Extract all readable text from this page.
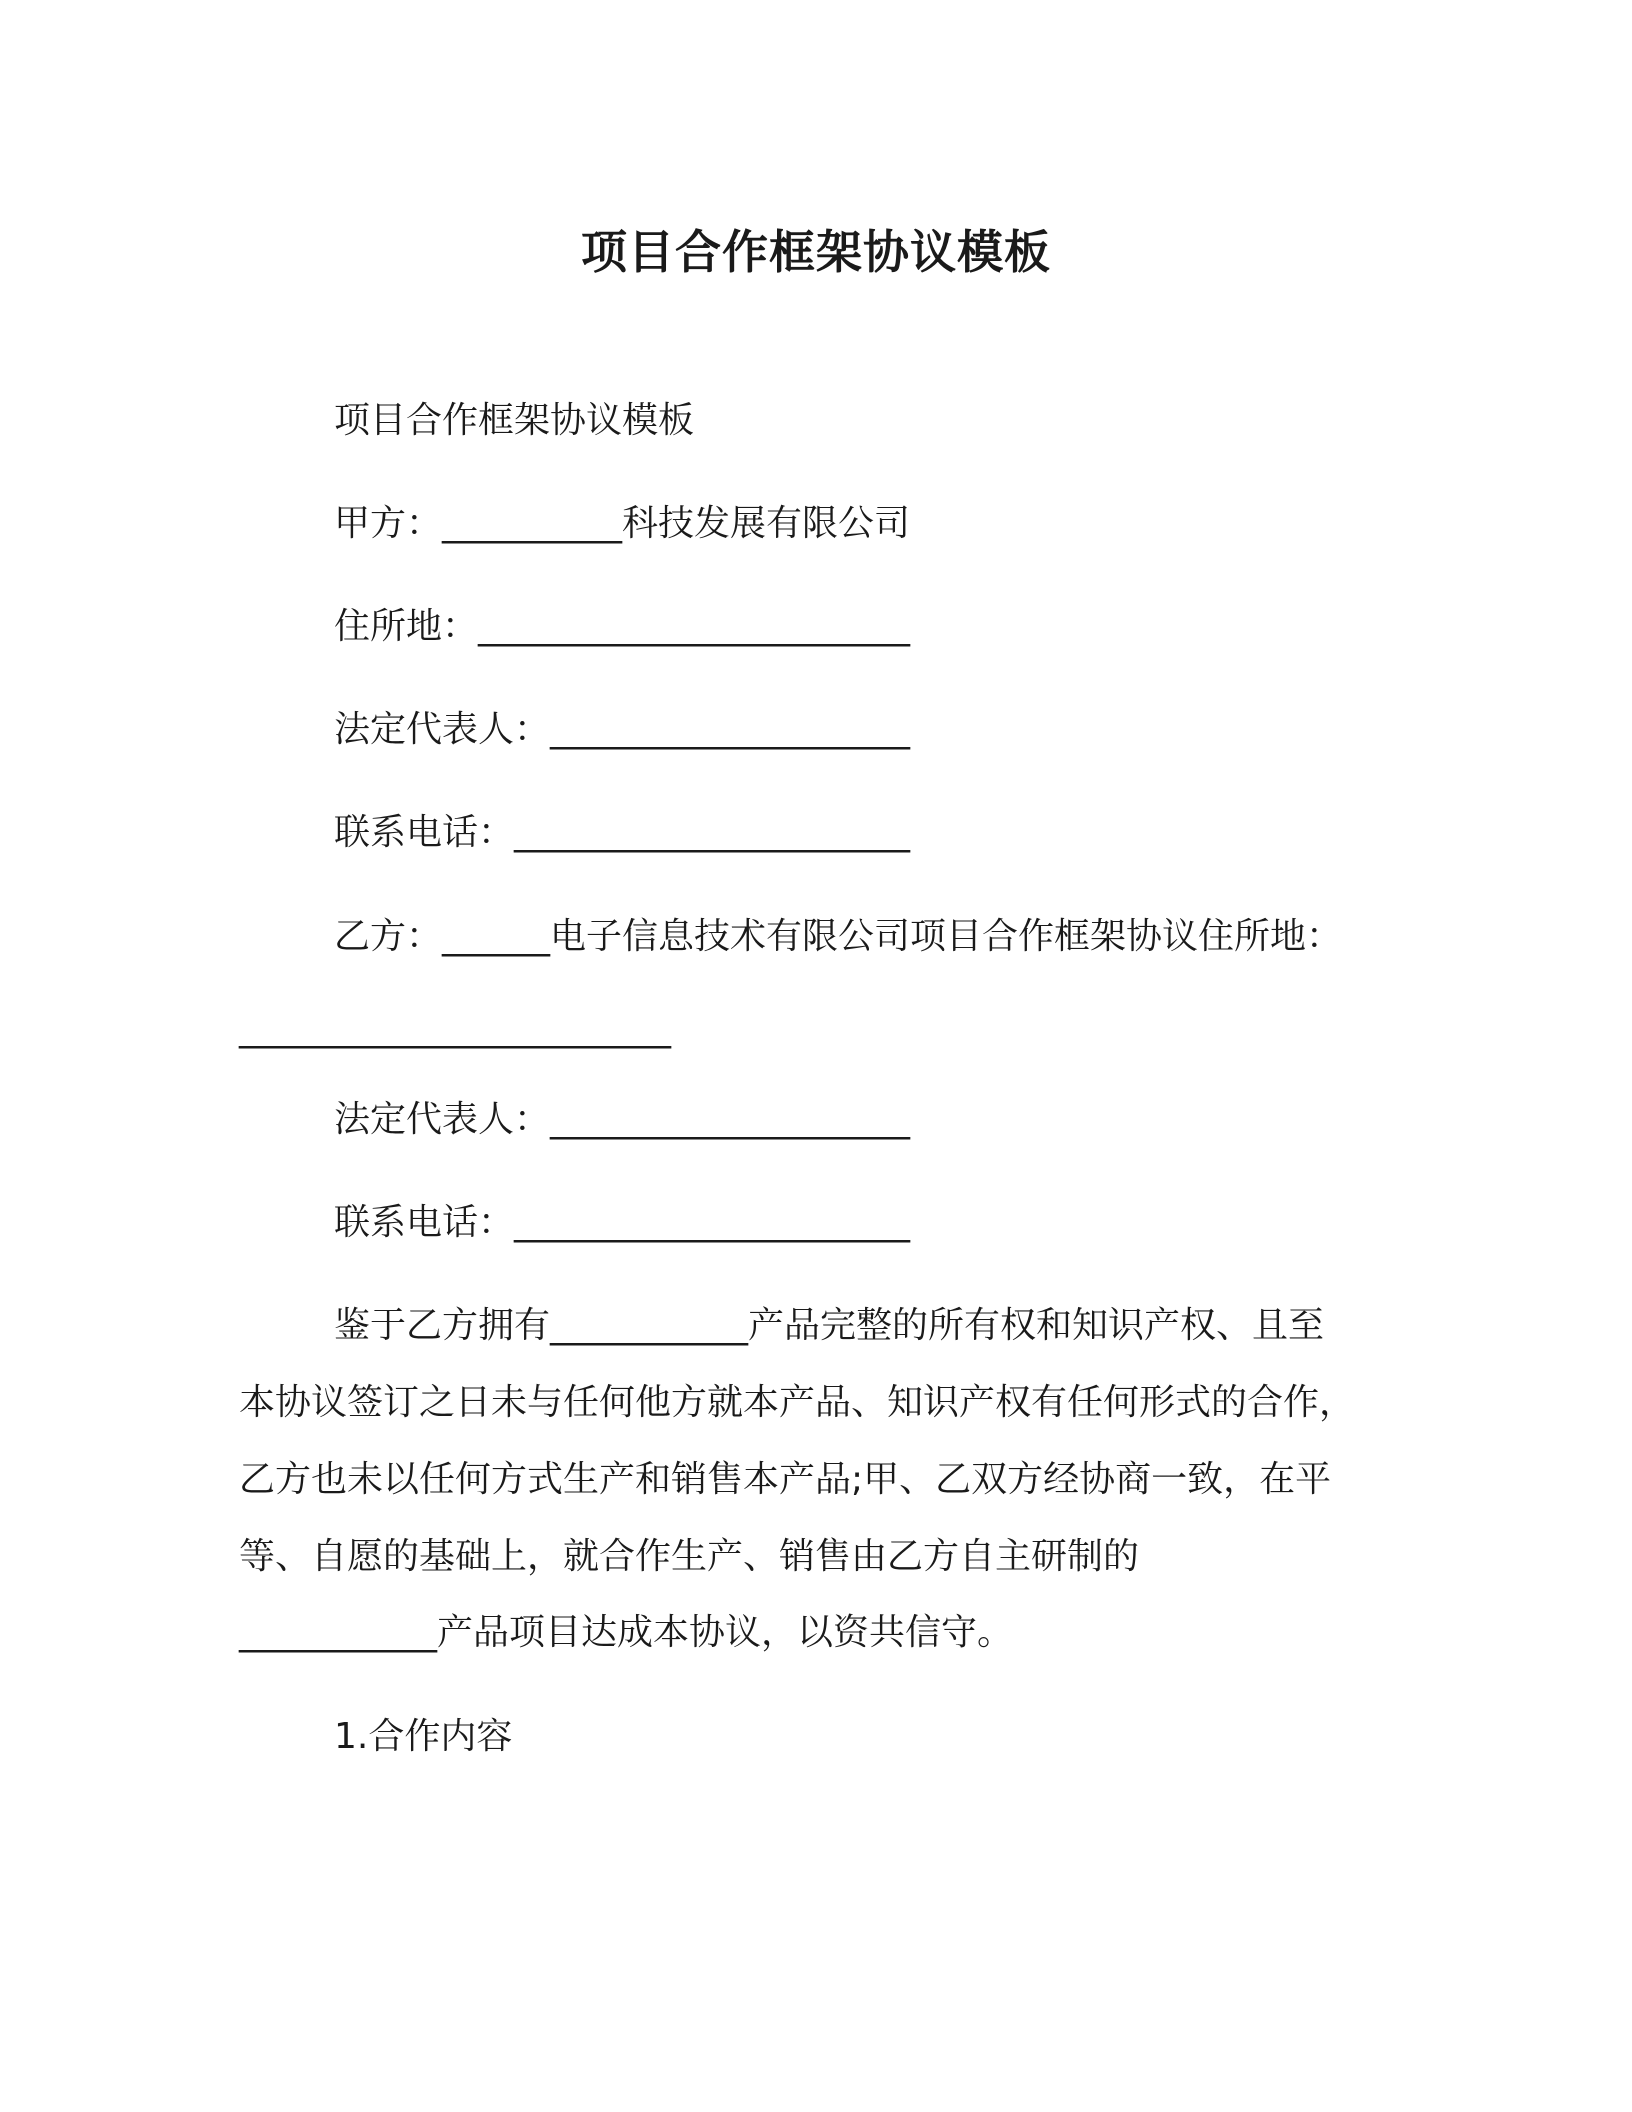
项目合作框架协议模板

项目合作框架协议模板

甲方：__________科技发展有限公司

住所地：________________________

法定代表人：____________________

联系电话：______________________

乙方：______电子信息技术有限公司项目合作框架协议住所地：

________________________

法定代表人：____________________

联系电话：______________________

鉴于乙方拥有___________产品完整的所有权和知识产权、且至

本协议签订之日未与任何他方就本产品、知识产权有任何形式的合作，

乙方也未以任何方式生产和销售本产品;甲、乙双方经协商一致，在平

等、自愿的基础上，就合作生产、销售由乙方自主研制的

___________产品项目达成本协议，以资共信守。

1.合作内容
